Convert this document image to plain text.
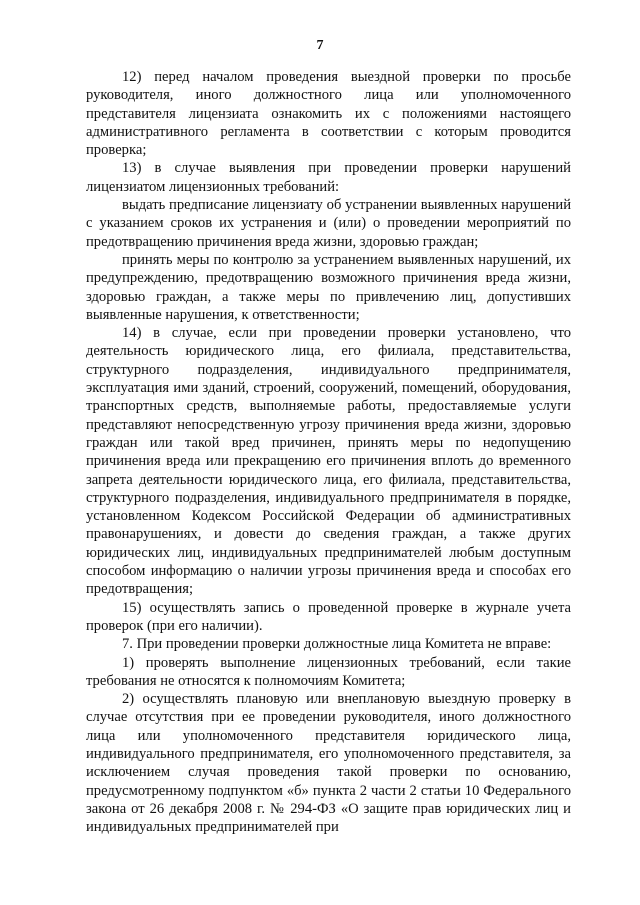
7

12) перед началом проведения выездной проверки по просьбе руководителя, иного должностного лица или уполномоченного представителя лицензиата ознакомить их с положениями настоящего административного регламента в соответствии с которым проводится проверка;

13) в случае выявления при проведении проверки нарушений лицензиатом лицензионных требований:

выдать предписание лицензиату об устранении выявленных нарушений с указанием сроков их устранения и (или) о проведении мероприятий по предотвращению причинения вреда жизни, здоровью граждан;

принять меры по контролю за устранением выявленных нарушений, их предупреждению, предотвращению возможного причинения вреда жизни, здоровью граждан, а также меры по привлечению лиц, допустивших выявленные нарушения, к ответственности;

14) в случае, если при проведении проверки установлено, что деятельность юридического лица, его филиала, представительства, структурного подразделения, индивидуального предпринимателя, эксплуатация ими зданий, строений, сооружений, помещений, оборудования, транспортных средств, выполняемые работы, предоставляемые услуги представляют непосредственную угрозу причинения вреда жизни, здоровью граждан или такой вред причинен, принять меры по недопущению причинения вреда или прекращению его причинения вплоть до временного запрета деятельности юридического лица, его филиала, представительства, структурного подразделения, индивидуального предпринимателя в порядке, установленном Кодексом Российской Федерации об административных правонарушениях, и довести до сведения граждан, а также других юридических лиц, индивидуальных предпринимателей любым доступным способом информацию о наличии угрозы причинения вреда и способах его предотвращения;

15) осуществлять запись о проведенной проверке в журнале учета проверок (при его наличии).

7. При проведении проверки должностные лица Комитета не вправе:

1) проверять выполнение лицензионных требований, если такие требования не относятся к полномочиям Комитета;

2) осуществлять плановую или внеплановую выездную проверку в случае отсутствия при ее проведении руководителя, иного должностного лица или уполномоченного представителя юридического лица, индивидуального предпринимателя, его уполномоченного представителя, за исключением случая проведения такой проверки по основанию, предусмотренному подпунктом «б» пункта 2 части 2 статьи 10 Федерального закона от 26 декабря 2008 г. № 294-ФЗ «О защите прав юридических лиц и индивидуальных предпринимателей при
